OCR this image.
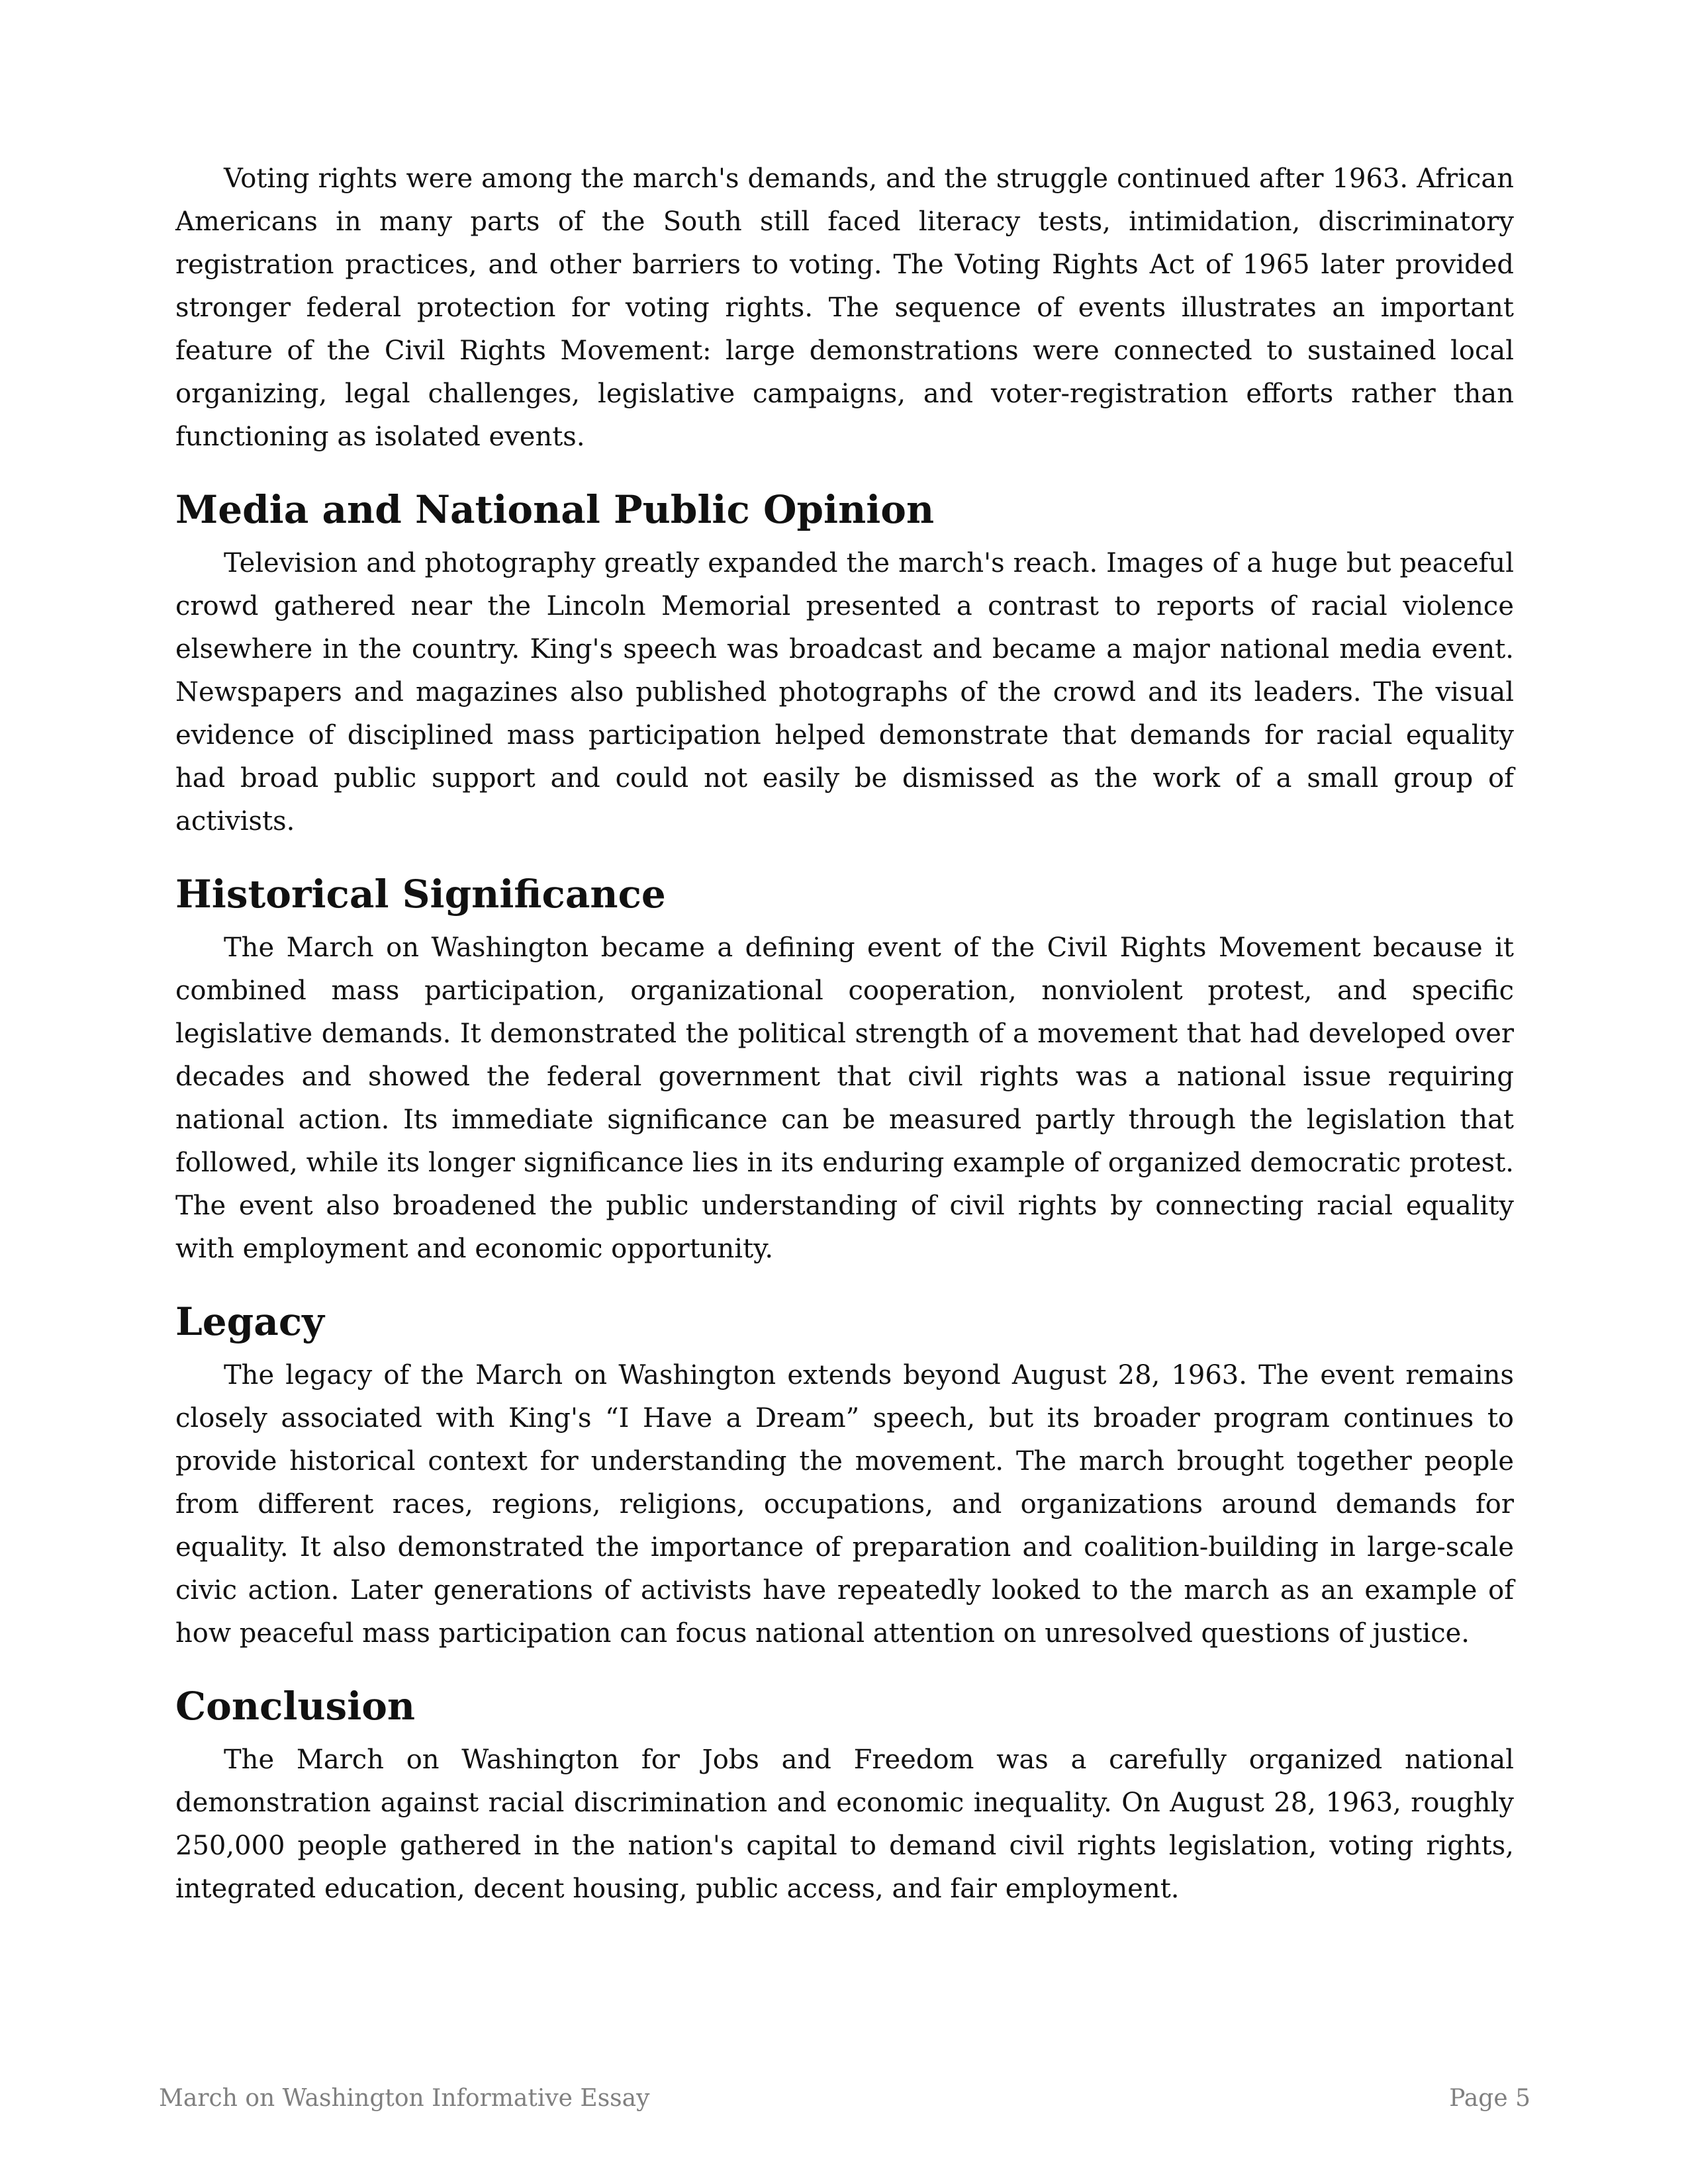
Voting rights were among the march's demands, and the struggle continued after 1963. African Americans in many parts of the South still faced literacy tests, intimidation, discriminatory registration practices, and other barriers to voting. The Voting Rights Act of 1965 later provided stronger federal protection for voting rights. The sequence of events illustrates an important feature of the Civil Rights Movement: large demonstrations were connected to sustained local organizing, legal challenges, legislative campaigns, and voter-registration efforts rather than functioning as isolated events.

Media and National Public Opinion

Television and photography greatly expanded the march's reach. Images of a huge but peaceful crowd gathered near the Lincoln Memorial presented a contrast to reports of racial violence elsewhere in the country. King's speech was broadcast and became a major national media event. Newspapers and magazines also published photographs of the crowd and its leaders. The visual evidence of disciplined mass participation helped demonstrate that demands for racial equality had broad public support and could not easily be dismissed as the work of a small group of activists.

Historical Significance

The March on Washington became a defining event of the Civil Rights Movement because it combined mass participation, organizational cooperation, nonviolent protest, and specific legislative demands. It demonstrated the political strength of a movement that had developed over decades and showed the federal government that civil rights was a national issue requiring national action. Its immediate significance can be measured partly through the legislation that followed, while its longer significance lies in its enduring example of organized democratic protest. The event also broadened the public understanding of civil rights by connecting racial equality with employment and economic opportunity.

Legacy

The legacy of the March on Washington extends beyond August 28, 1963. The event remains closely associated with King's “I Have a Dream” speech, but its broader program continues to provide historical context for understanding the movement. The march brought together people from different races, regions, religions, occupations, and organizations around demands for equality. It also demonstrated the importance of preparation and coalition-building in large-scale civic action. Later generations of activists have repeatedly looked to the march as an example of how peaceful mass participation can focus national attention on unresolved questions of justice.

Conclusion

The March on Washington for Jobs and Freedom was a carefully organized national demonstration against racial discrimination and economic inequality. On August 28, 1963, roughly 250,000 people gathered in the nation's capital to demand civil rights legislation, voting rights, integrated education, decent housing, public access, and fair employment.

March on Washington Informative Essay	Page 5
